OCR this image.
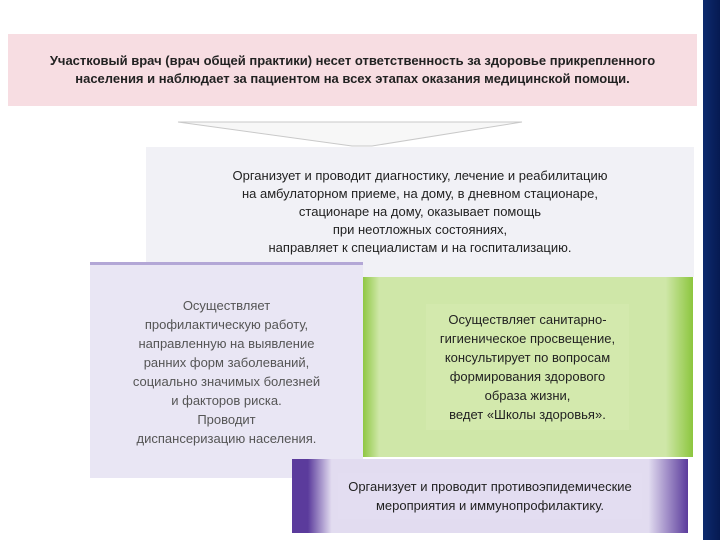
Участковый врач (врач общей практики) несет ответственность за здоровье прикрепленного
населения и наблюдает за пациентом на всех этапах оказания медицинской помощи.
Организует и проводит диагностику, лечение и реабилитацию
на амбулаторном приеме, на дому, в дневном стационаре,
стационаре на дому, оказывает помощь
при неотложных состояниях,
направляет к специалистам и на госпитализацию.
Осуществляет санитарно-
гигиеническое просвещение,
консультирует по вопросам
формирования здорового
образа жизни,
ведет «Школы здоровья».
Осуществляет
профилактическую работу,
направленную на выявление
ранних форм заболеваний,
социально значимых болезней
и факторов риска.
Проводит
диспансеризацию населения.
Организует и проводит противоэпидемические
мероприятия и иммунопрофилактику.
